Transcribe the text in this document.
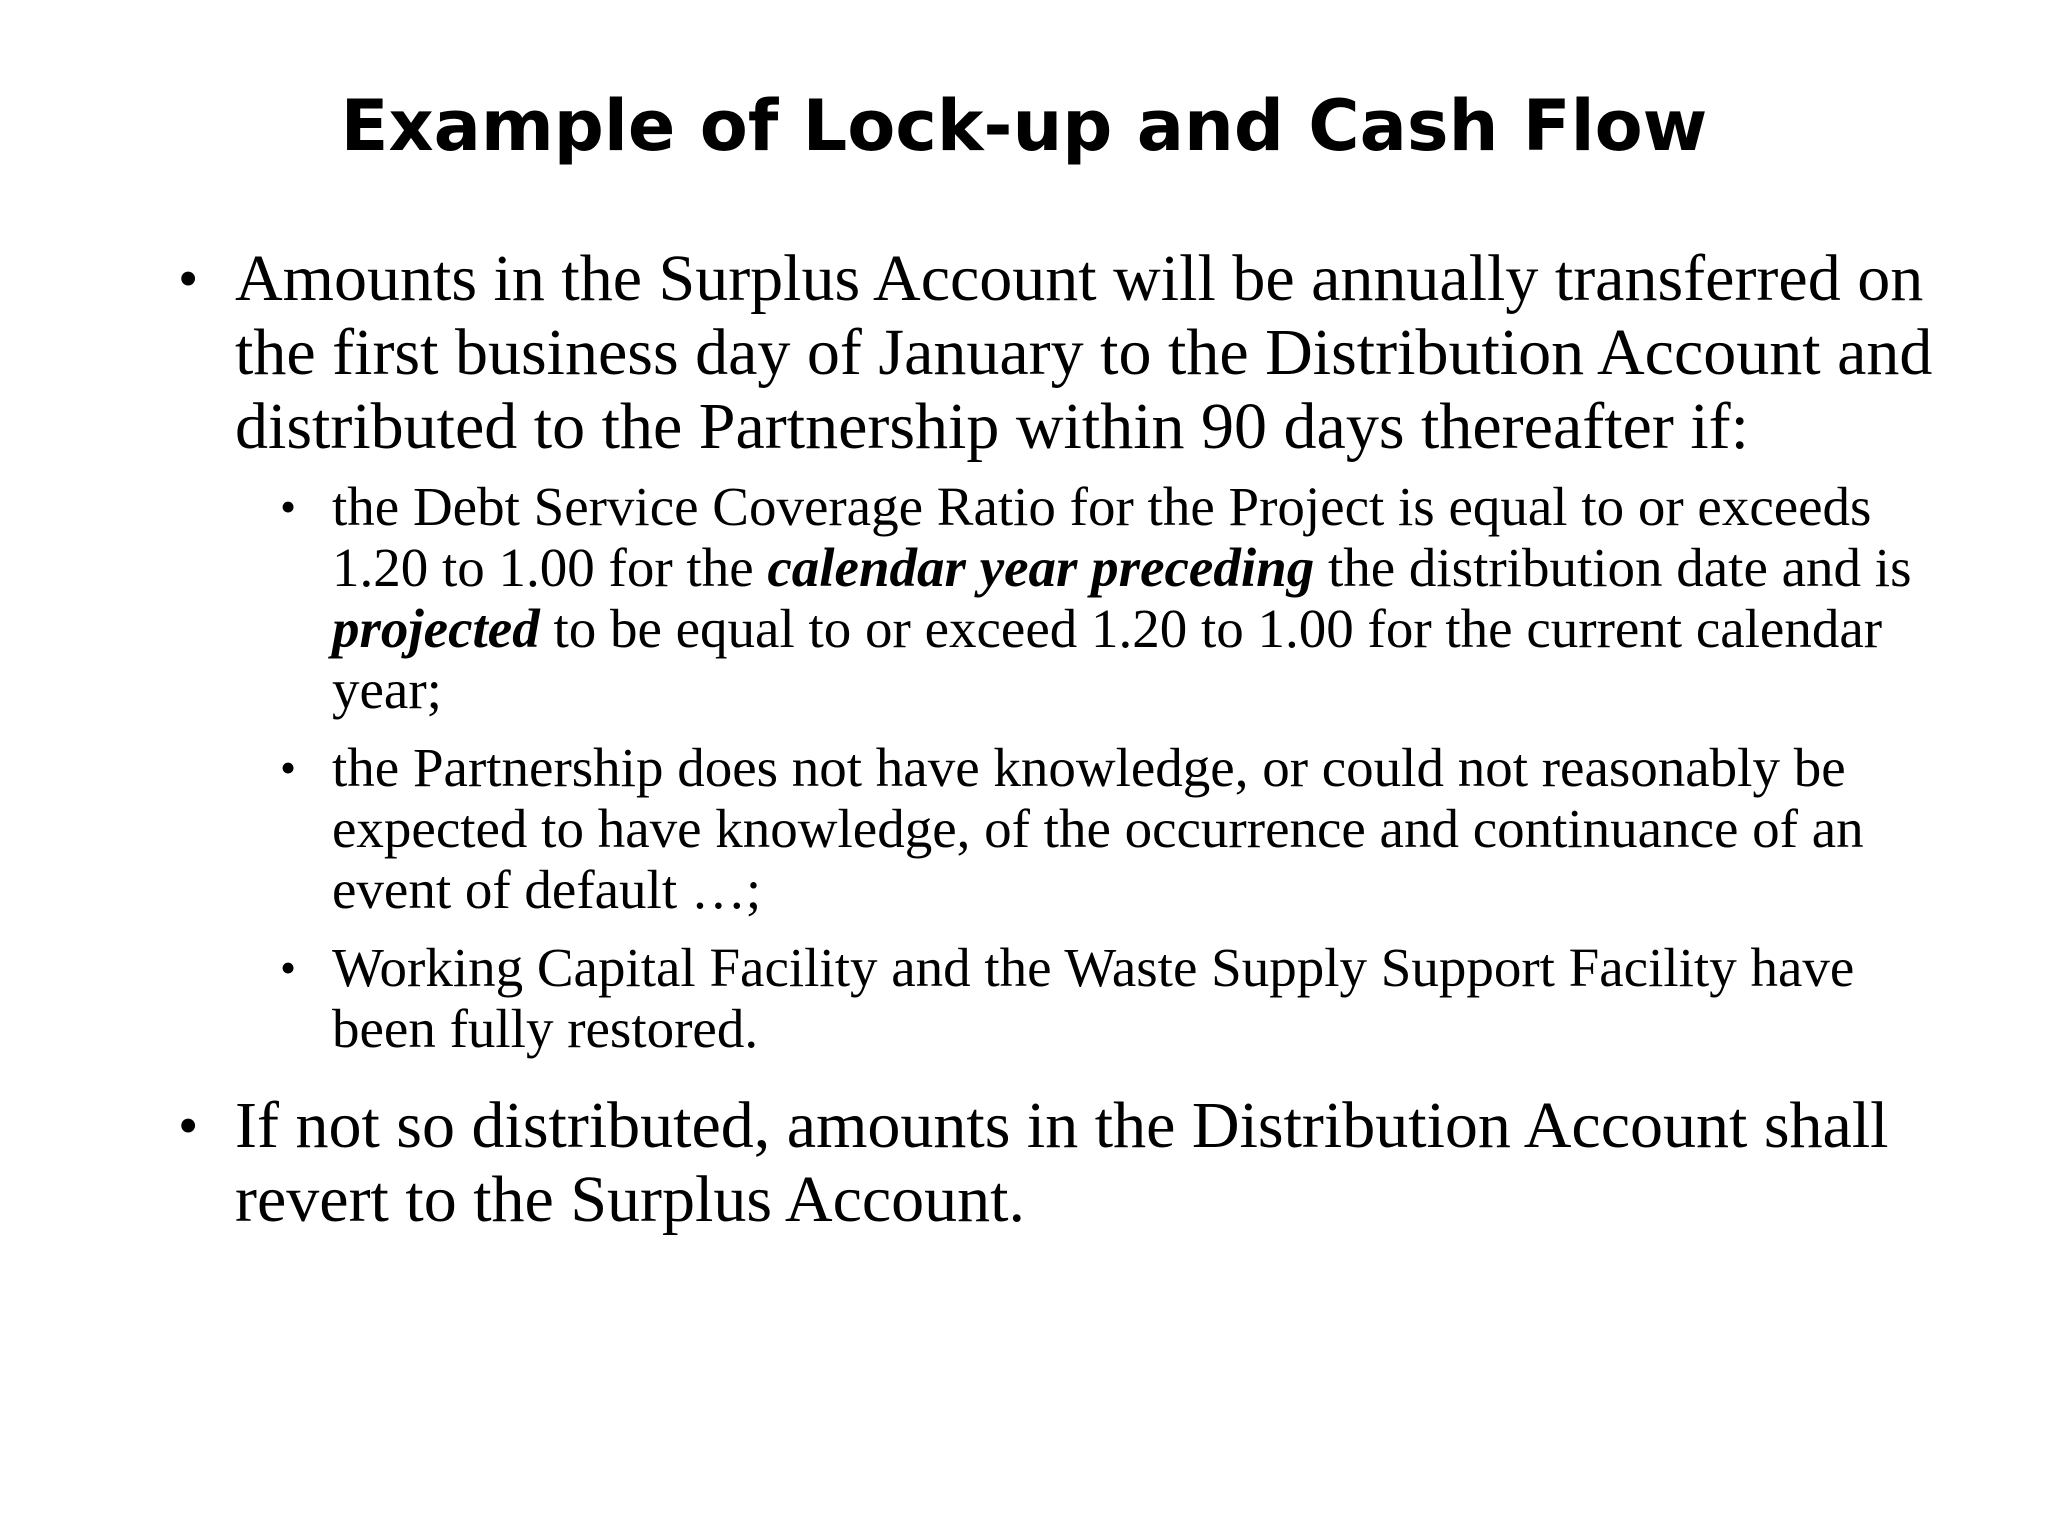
Example of Lock-up and Cash Flow
• Amounts in the Surplus Account will be annually transferred on the first business day of January to the Distribution Account and distributed to the Partnership within 90 days thereafter if:
• the Debt Service Coverage Ratio for the Project is equal to or exceeds 1.20 to 1.00 for the calendar year preceding the distribution date and is projected to be equal to or exceed 1.20 to 1.00 for the current calendar year;
• the Partnership does not have knowledge, or could not reasonably be expected to have knowledge, of the occurrence and continuance of an event of default …;
• Working Capital Facility and the Waste Supply Support Facility have been fully restored.
• If not so distributed, amounts in the Distribution Account shall revert to the Surplus Account.
